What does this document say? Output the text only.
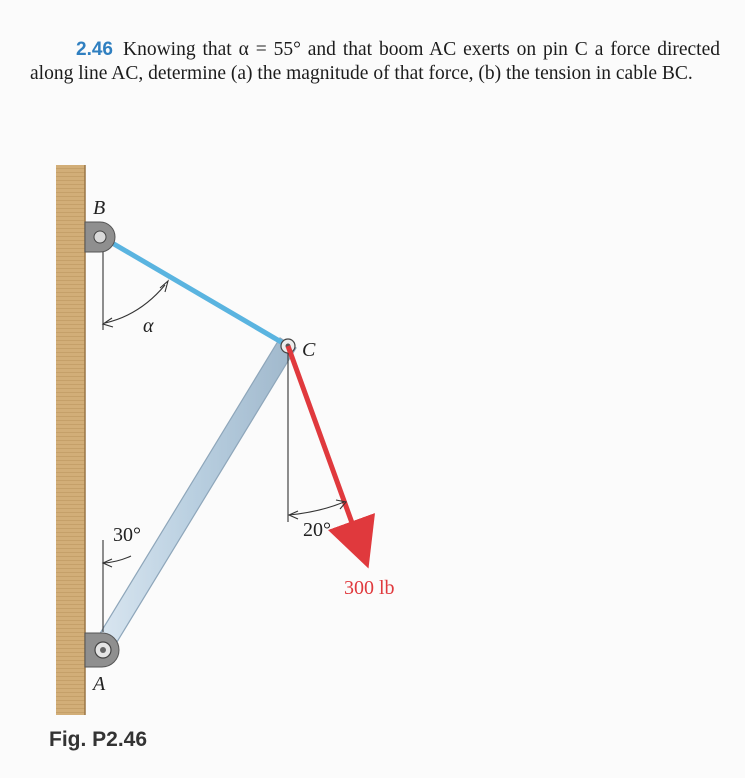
2.46 Knowing that α = 55° and that boom AC exerts on pin C a force directed along line AC, determine (a) the magnitude of that force, (b) the tension in cable BC.
B
C
A
α
30°	20°
300 lb
Fig. P2.46
